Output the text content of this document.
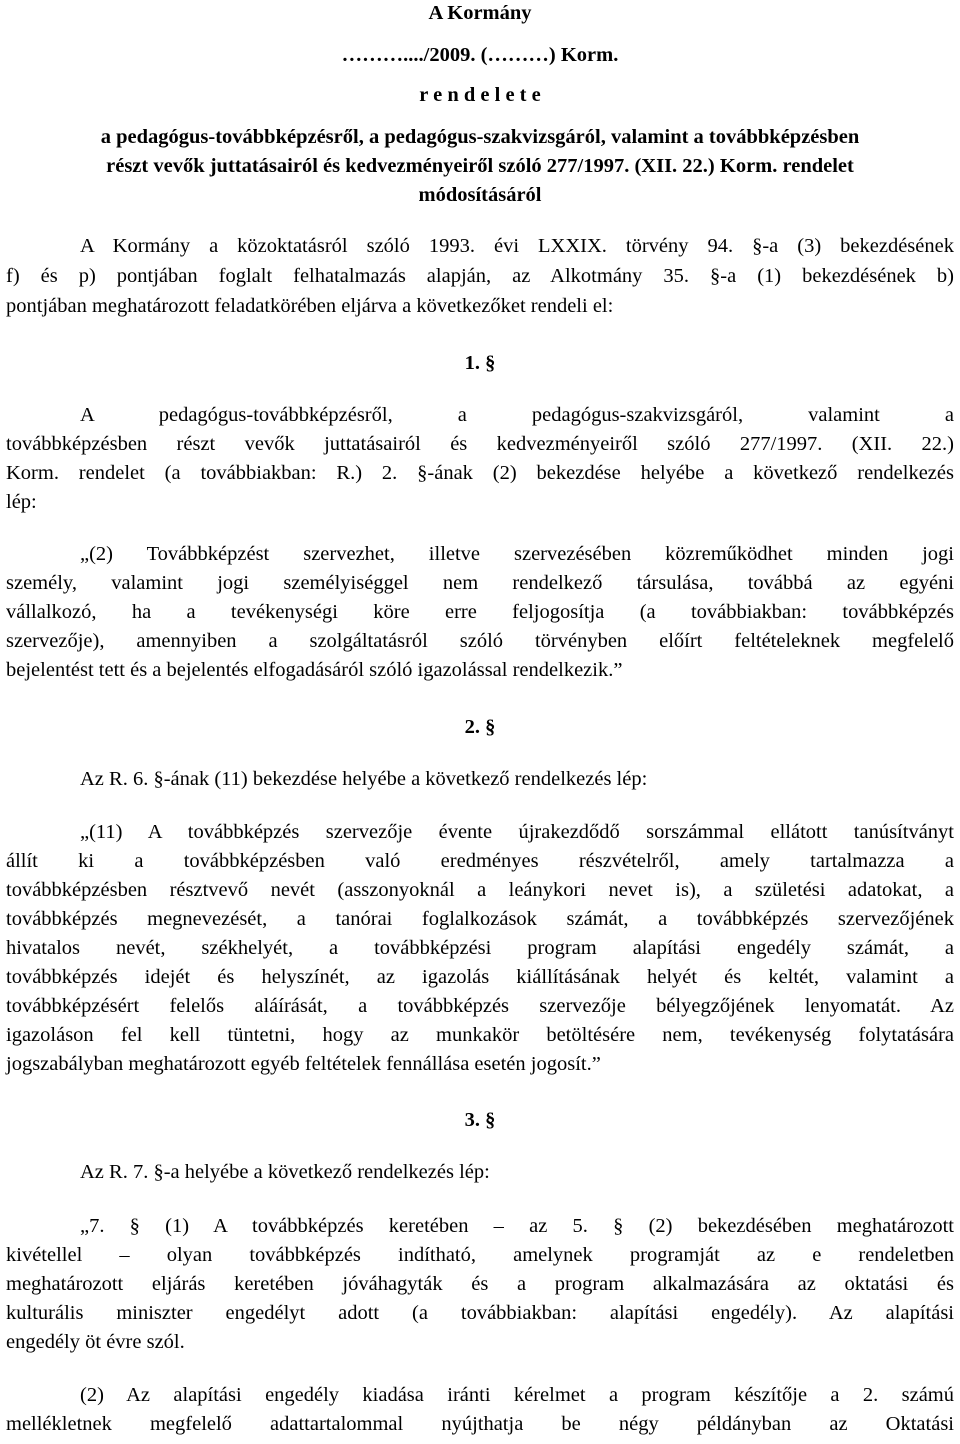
A Kormány
………..../2009. (………) Korm.
r e n d e l e t e
a pedagógus-továbbképzésről, a pedagógus-szakvizsgáról, valamint a továbbképzésben
részt vevők juttatásairól és kedvezményeiről szóló 277/1997. (XII. 22.) Korm. rendelet
módosításáról
A Kormány a közoktatásról szóló 1993. évi LXXIX. törvény 94. §-a (3) bekezdésének
f) és p) pontjában foglalt felhatalmazás alapján, az Alkotmány 35. §-a (1) bekezdésének b)
pontjában meghatározott feladatkörében eljárva a következőket rendeli el:
1. §
A pedagógus-továbbképzésről, a pedagógus-szakvizsgáról, valamint a
továbbképzésben részt vevők juttatásairól és kedvezményeiről szóló 277/1997. (XII. 22.)
Korm. rendelet (a továbbiakban: R.) 2. §-ának (2) bekezdése helyébe a következő rendelkezés
lép:
„(2) Továbbképzést szervezhet, illetve szervezésében közreműködhet minden jogi
személy, valamint jogi személyiséggel nem rendelkező társulása, továbbá az egyéni
vállalkozó, ha a tevékenységi köre erre feljogosítja (a továbbiakban: továbbképzés
szervezője), amennyiben a szolgáltatásról szóló törvényben előírt feltételeknek megfelelő
bejelentést tett és a bejelentés elfogadásáról szóló igazolással rendelkezik.”
2. §
Az R. 6. §-ának (11) bekezdése helyébe a következő rendelkezés lép:
„(11) A továbbképzés szervezője évente újrakezdődő sorszámmal ellátott tanúsítványt
állít ki a továbbképzésben való eredményes részvételről, amely tartalmazza a
továbbképzésben résztvevő nevét (asszonyoknál a leánykori nevet is), a születési adatokat, a
továbbképzés megnevezését, a tanórai foglalkozások számát, a továbbképzés szervezőjének
hivatalos nevét, székhelyét, a továbbképzési program alapítási engedély számát, a
továbbképzés idejét és helyszínét, az igazolás kiállításának helyét és keltét, valamint a
továbbképzésért felelős aláírását, a továbbképzés szervezője bélyegzőjének lenyomatát. Az
igazoláson fel kell tüntetni, hogy az munkakör betöltésére nem, tevékenység folytatására
jogszabályban meghatározott egyéb feltételek fennállása esetén jogosít.”
3. §
Az R. 7. §-a helyébe a következő rendelkezés lép:
„7. § (1) A továbbképzés keretében – az 5. § (2) bekezdésében meghatározott
kivétellel – olyan továbbképzés indítható, amelynek programját az e rendeletben
meghatározott eljárás keretében jóváhagyták és a program alkalmazására az oktatási és
kulturális miniszter engedélyt adott (a továbbiakban: alapítási engedély). Az alapítási
engedély öt évre szól.
(2) Az alapítási engedély kiadása iránti kérelmet a program készítője a 2. számú
mellékletnek megfelelő adattartalommal nyújthatja be négy példányban az Oktatási
